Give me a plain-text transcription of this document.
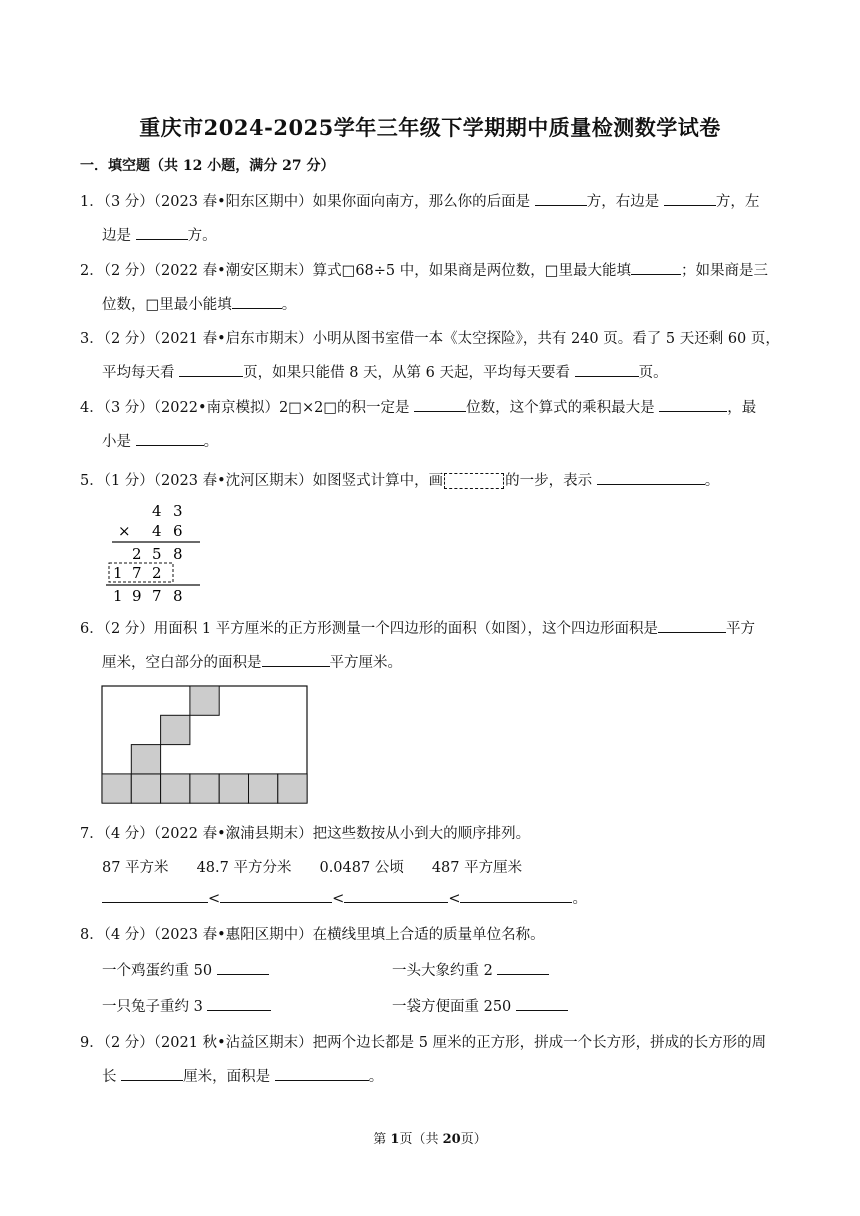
重庆市2024-2025学年三年级下学期期中质量检测数学试卷
一．填空题（共 12 小题，满分 27 分）
1．（3 分）（2023 春•阳东区期中）如果你面向南方，那么你的后面是	方，右边是	方，左
边是	方。
2．（2 分）（2022 春•潮安区期末）算式□68÷5 中，如果商是两位数，□里最大能填	；如果商是三
位数，□里最小能填	。
3．（2 分）（2021 春•启东市期末）小明从图书室借一本《太空探险》，共有 240 页。看了 5 天还剩 60 页，
平均每天看	页，如果只能借 8 天，从第 6 天起，平均每天要看	页。
4．（3 分）（2022•南京模拟）2□×2□的积一定是	位数，这个算式的乘积最大是	，最
小是	。
5．（1 分）（2023 春•沈河区期末）如图竖式计算中，画	的一步，表示	。
4 3
× 4 6
2 5 8
1 7 2
1 9 7 8
6．（2 分）用面积 1 平方厘米的正方形测量一个四边形的面积（如图），这个四边形面积是	平方
厘米，空白部分的面积是	平方厘米。
7．（4 分）（2022 春•溆浦县期末）把这些数按从小到大的顺序排列。
87 平方米 48.7 平方分米 0.0487 公顷 487 平方厘米
<	<	<	。
8．（4 分）（2023 春•惠阳区期中）在横线里填上合适的质量单位名称。
一个鸡蛋约重 50	一头大象约重 2
一只兔子重约 3	一袋方便面重 250
9．（2 分）（2021 秋•沾益区期末）把两个边长都是 5 厘米的正方形，拼成一个长方形，拼成的长方形的周
长	厘米，面积是	。
第 1页（共 20页）
